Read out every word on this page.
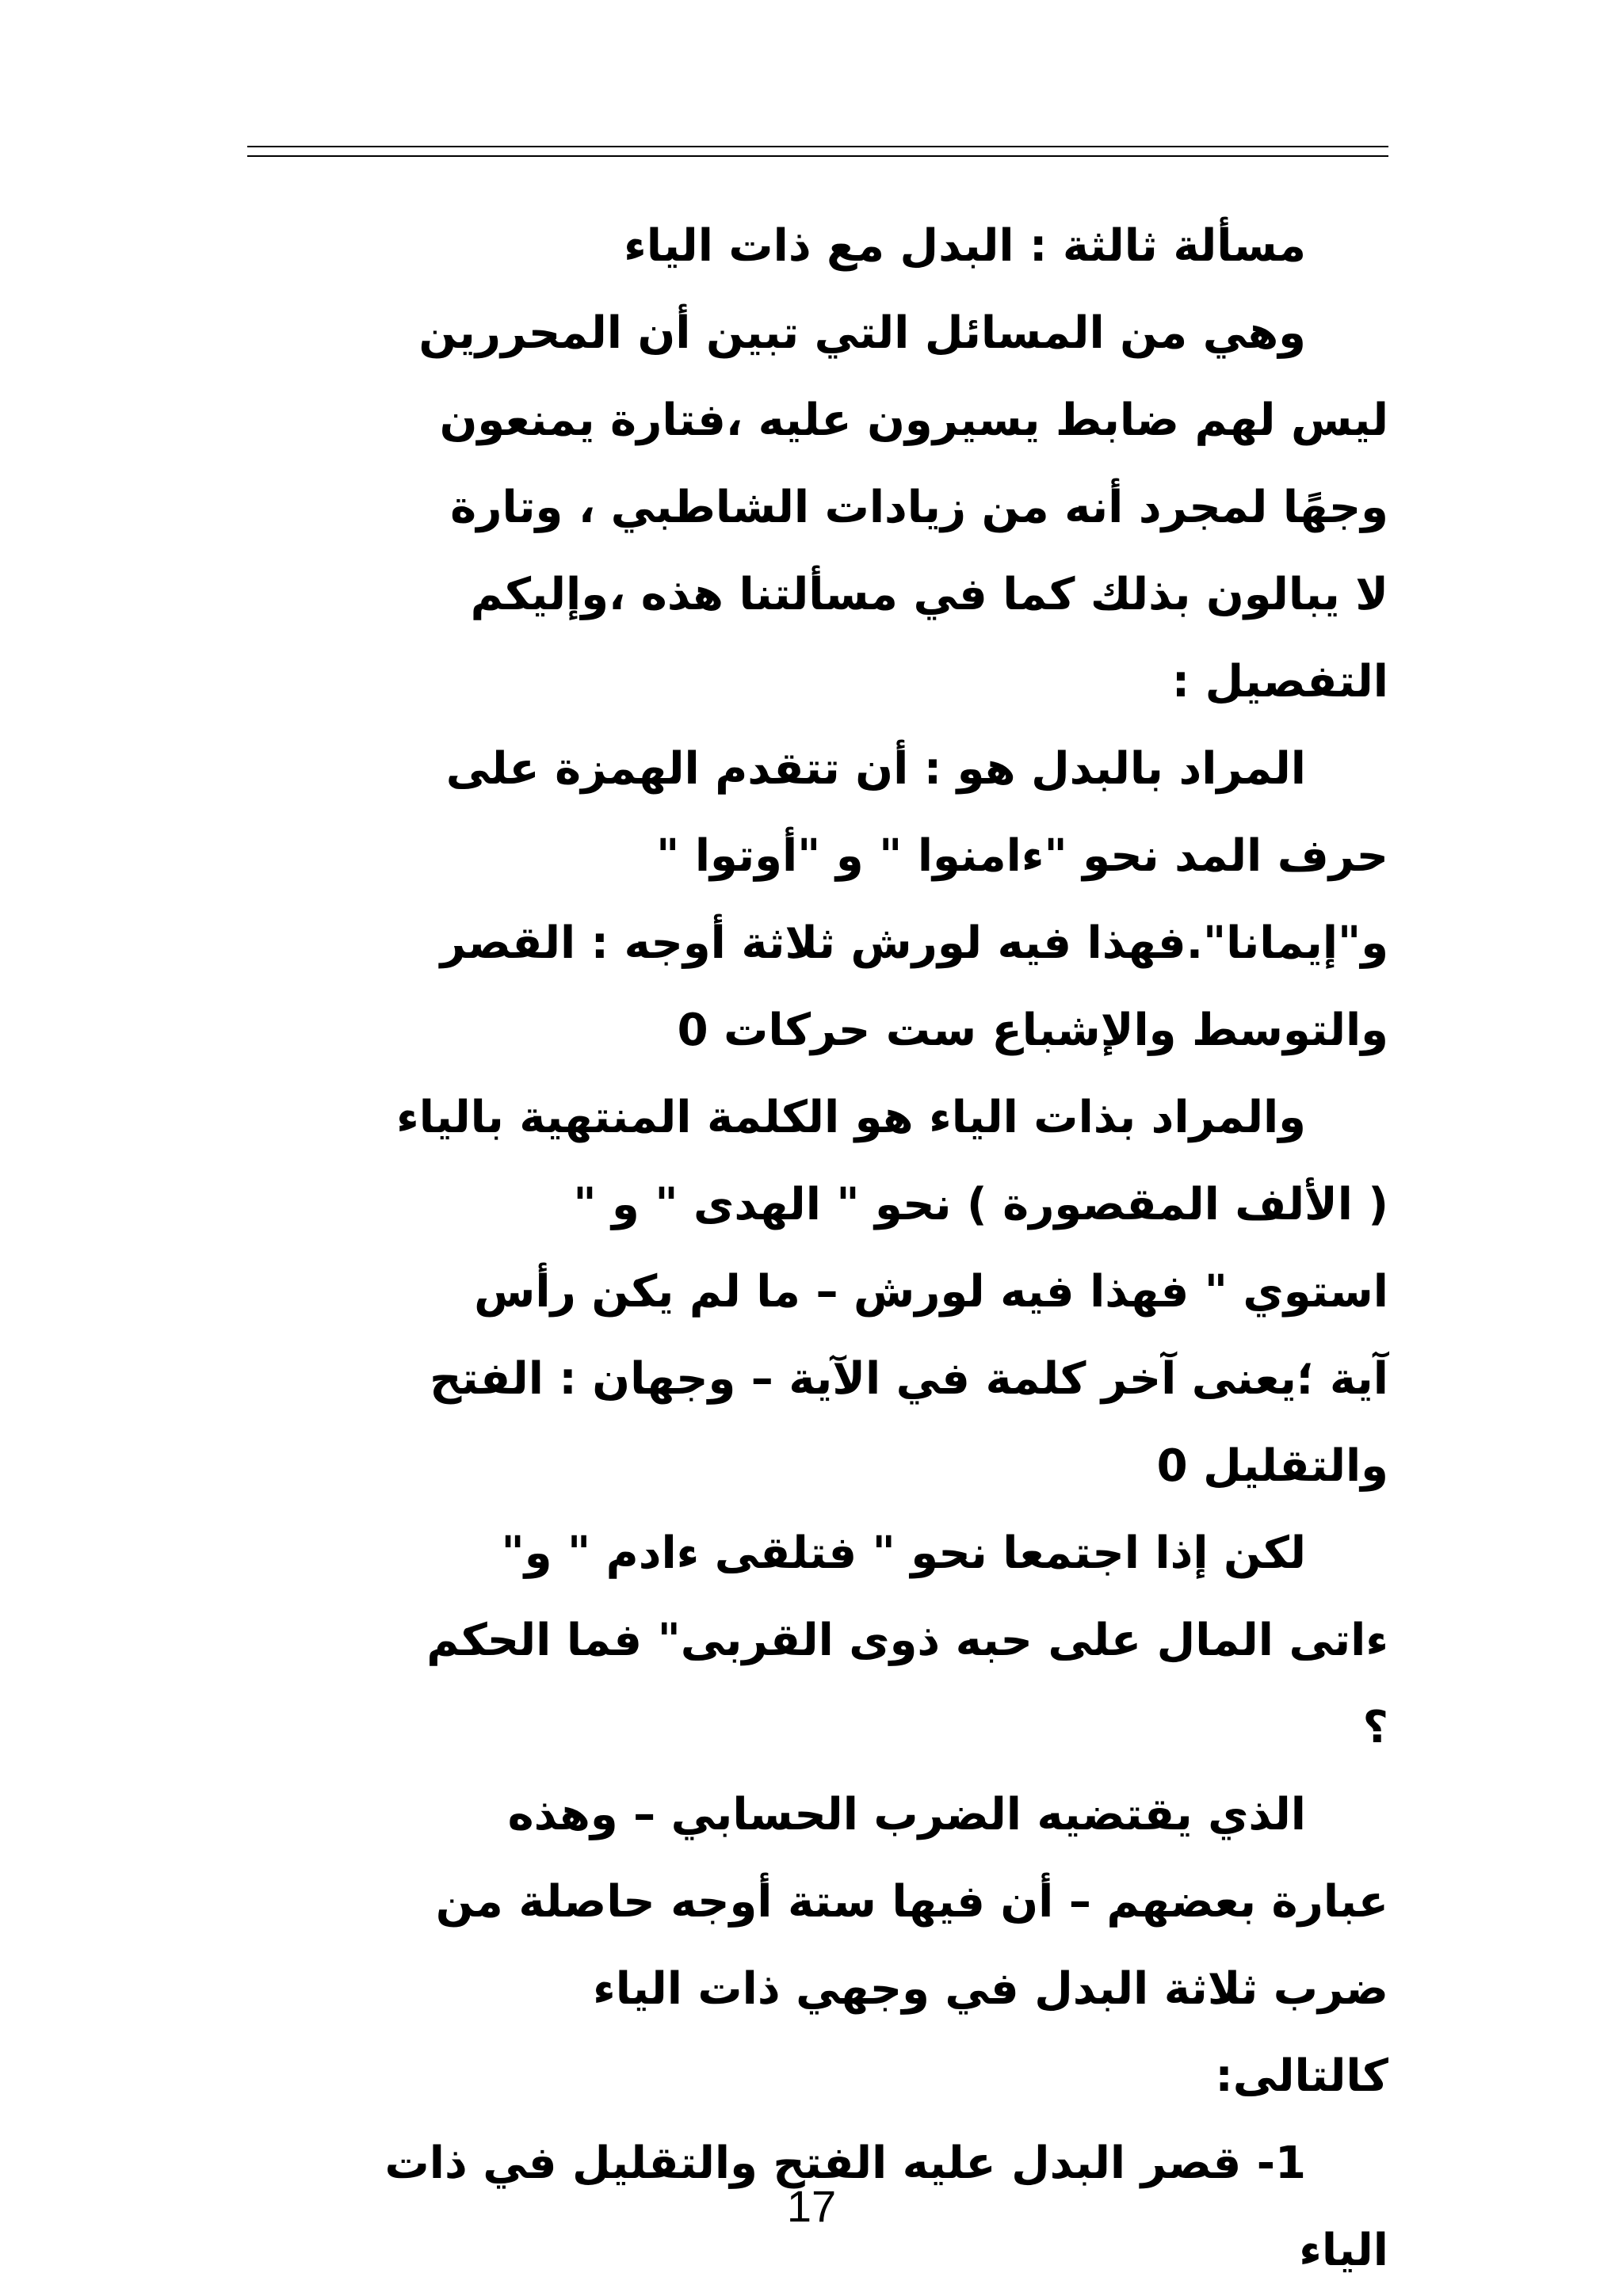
مسألة ثالثة : البدل مع ذات الياء
وهي من المسائل التي تبين أن المحررين
ليس لهم ضابط يسيرون عليه ،فتارة يمنعون
وجهًا لمجرد أنه من زيادات الشاطبي ، وتارة
لا يبالون بذلك كما في مسألتنا هذه ،وإليكم
التفصيل :
المراد بالبدل هو : أن تتقدم الهمزة على
حرف المد نحو "ءامنوا " و "أوتوا "
و"إيمانا".فهذا فيه لورش ثلاثة أوجه : القصر
والتوسط والإشباع ست حركات 0
والمراد بذات الياء هو الكلمة المنتهية بالياء
( الألف المقصورة ) نحو " الهدى " و "
استوي " فهذا فيه لورش – ما لم يكن رأس
آية ؛يعنى آخر كلمة في الآية – وجهان : الفتح
والتقليل 0
لكن إذا اجتمعا نحو " فتلقى ءادم " و"
ءاتى المال على حبه ذوى القربى" فما الحكم
؟
الذي يقتضيه الضرب الحسابي – وهذه
عبارة بعضهم – أن فيها ستة أوجه حاصلة من
ضرب ثلاثة البدل في وجهي ذات الياء
كالتالى:
1- قصر البدل عليه الفتح والتقليل في ذات
الياء
17
